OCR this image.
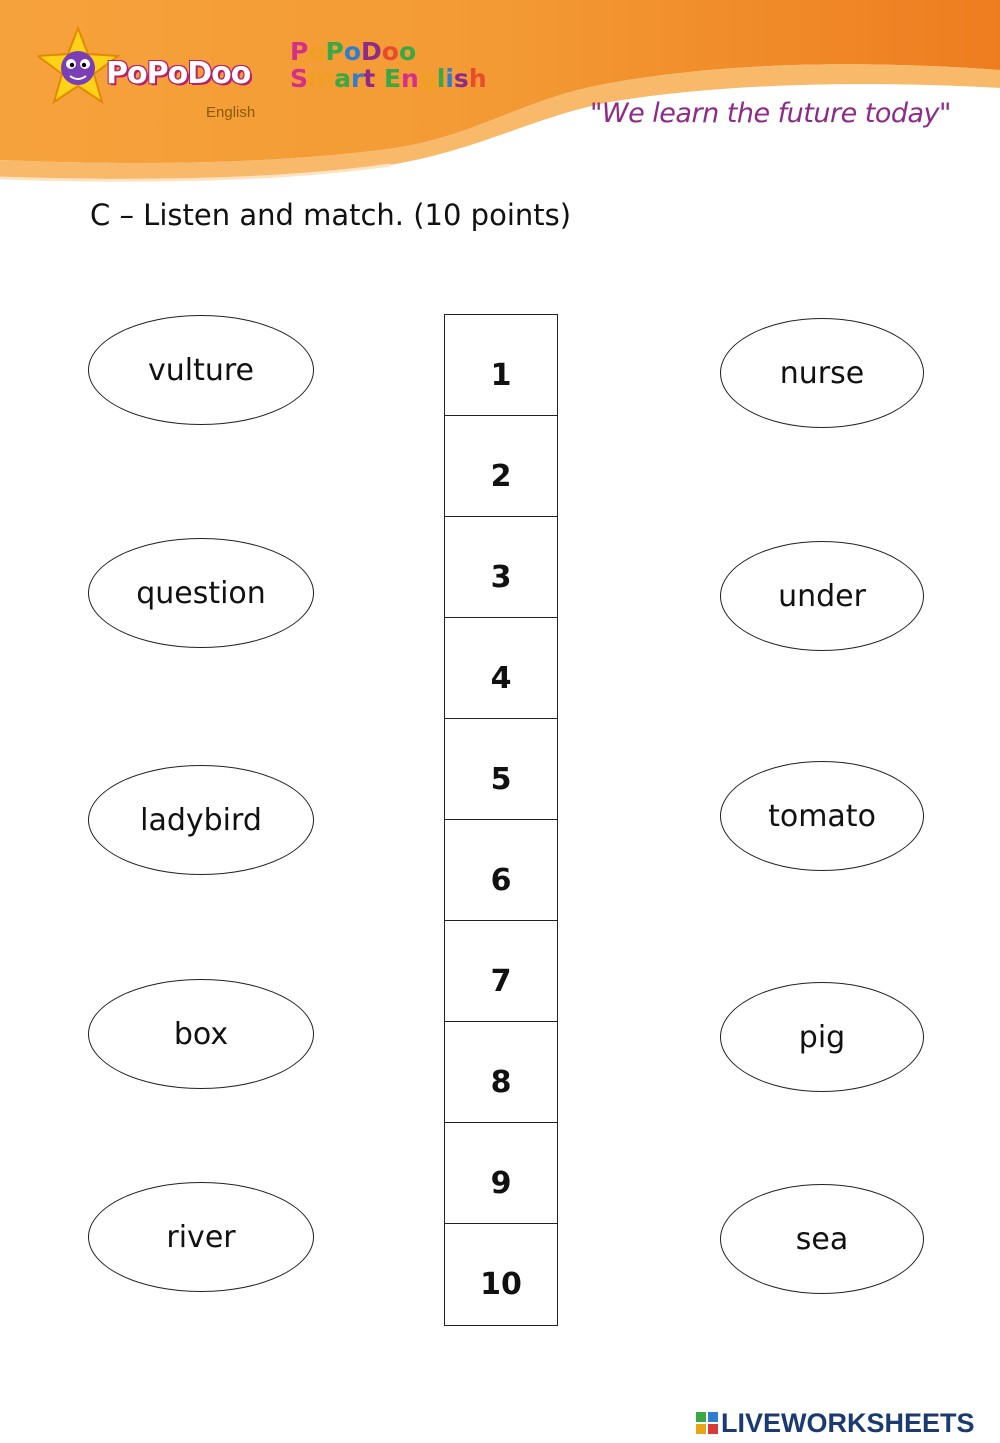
PoPoDoo
English
PoPoDoo
Smart English
"We learn the future today"
C – Listen and match. (10 points)
vulture
question
ladybird
box
river
1
2
3
4
5
6
7
8
9
10
nurse
under
tomato
pig
sea
LIVEWORKSHEETS
